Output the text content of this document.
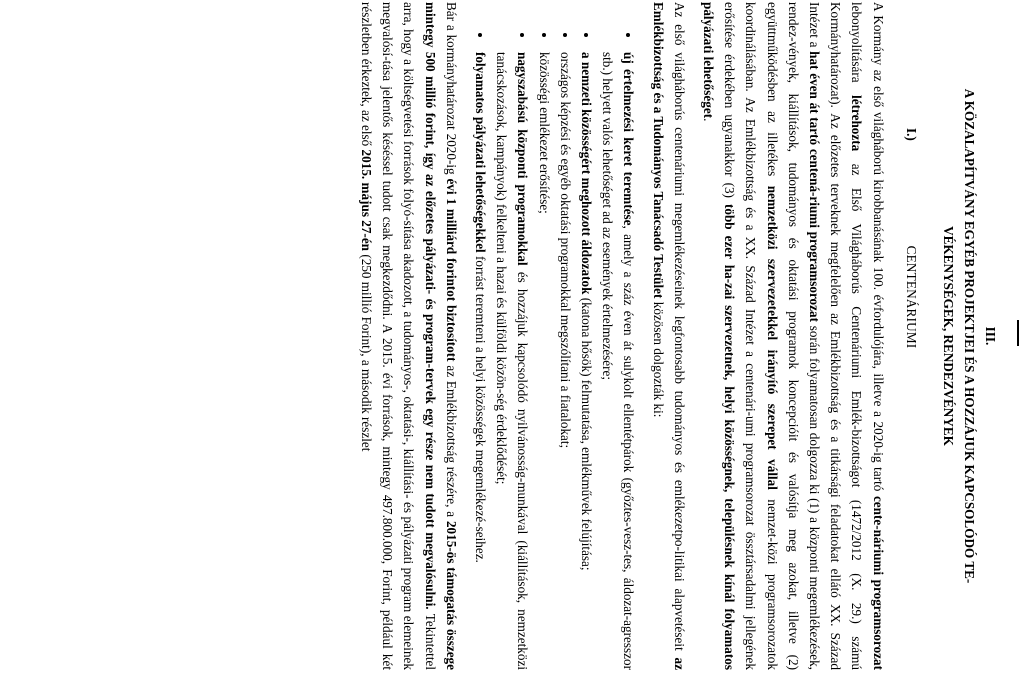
III.

A KÖZALAPÍTVÁNY EGYÉB PROJEKTJEI ÉS A HOZZÁJUK KAPCSOLÓDÓ TE-

VÉKENYSÉGEK, RENDEZVÉNYEK

I.)
CENTENÁRIUMI

A Kormány az első világháború kirobbanásának 100. évfordulójára, illetve a 2020-ig tartó cente-náriumi programsorozat lebonyolítására létrehozta az Első Világháborús Centenáriumi Emlék-bizottságot (1472/2012 (X. 29.) számú Kormányhatározat). Az előzetes terveknek megfelelően az Emlékbizottság és a titkársági feladatokat ellátó XX. Század Intézet a hat éven át tartó centená-riumi programsorozat során folyamatosan dolgozza ki (1) a központi megemlékezések, rendez-vények, kiállítások, tudományos és oktatási programok koncepcióit és valósítja meg azokat, illetve (2) együttműködésben az illetékes nemzetközi szervezetekkel irányító szerepet vállal nemzet-közi programsorozatok koordinálásában. Az Emlékbizottság és a XX. Század Intézet a centenári-umi programsorozat össztársadalmi jellegének erősítése érdekében ugyanakkor (3) több ezer ha-zai szervezetnek, helyi közösségnek, településnek kínál folyamatos pályázati lehetőséget.

Az első világháborús centenáriumi megemlékezéseinek legfontosabb tudományos és emlékezetpo-litikai alapvetéseit az Emlékbizottság és a Tudományos Tanácsadó Testület közösen dolgozták ki:

• új értelmezési keret teremtése, amely a száz éven át sulykolt ellentétpárok (győztes-vesz-tes, áldozat-agresszor stb.) helyett valós lehetőséget ad az események értelmezésére;
• a nemzeti közösségért meghozott áldozatok (katona hősök) felmutatása, emlékművek felújítása;
• országos képzési és egyéb oktatási programokkal megszólítani a fiatalokat;
• közösségi emlékezet erősítése;
• nagyszabású központi programokkal és hozzájuk kapcsolódó nyilvánosság-munkával (kiállítások, nemzetközi tanácskozások, kampányok) felkelteni a hazai és külföldi közön-ség érdeklődését;
• folyamatos pályázati lehetőségekkel forrást teremteni a helyi közösségek megemlékezé-seihez.

Bár a kormányhatározat 2020-ig évi 1 milliárd forintot biztosított az Emlékbizottság részére, a 2015-ös támogatás összege mintegy 500 millió forint, így az előzetes pályázati- és program-tervek egy része nem tudott megvalósulni. Tekintettel arra, hogy a költségvetési források folyó-sítása akadozott, a tudományos-, oktatási-, kiállítási- és pályázati program elemeinek megvalósí-tása jelentős késéssel tudott csak megkezdődni. A 2015. évi források, mintegy 497.800.000, Forint, például két részletben érkeztek, az első 2015. május 27-én (250 millió Forint), a második részlet
